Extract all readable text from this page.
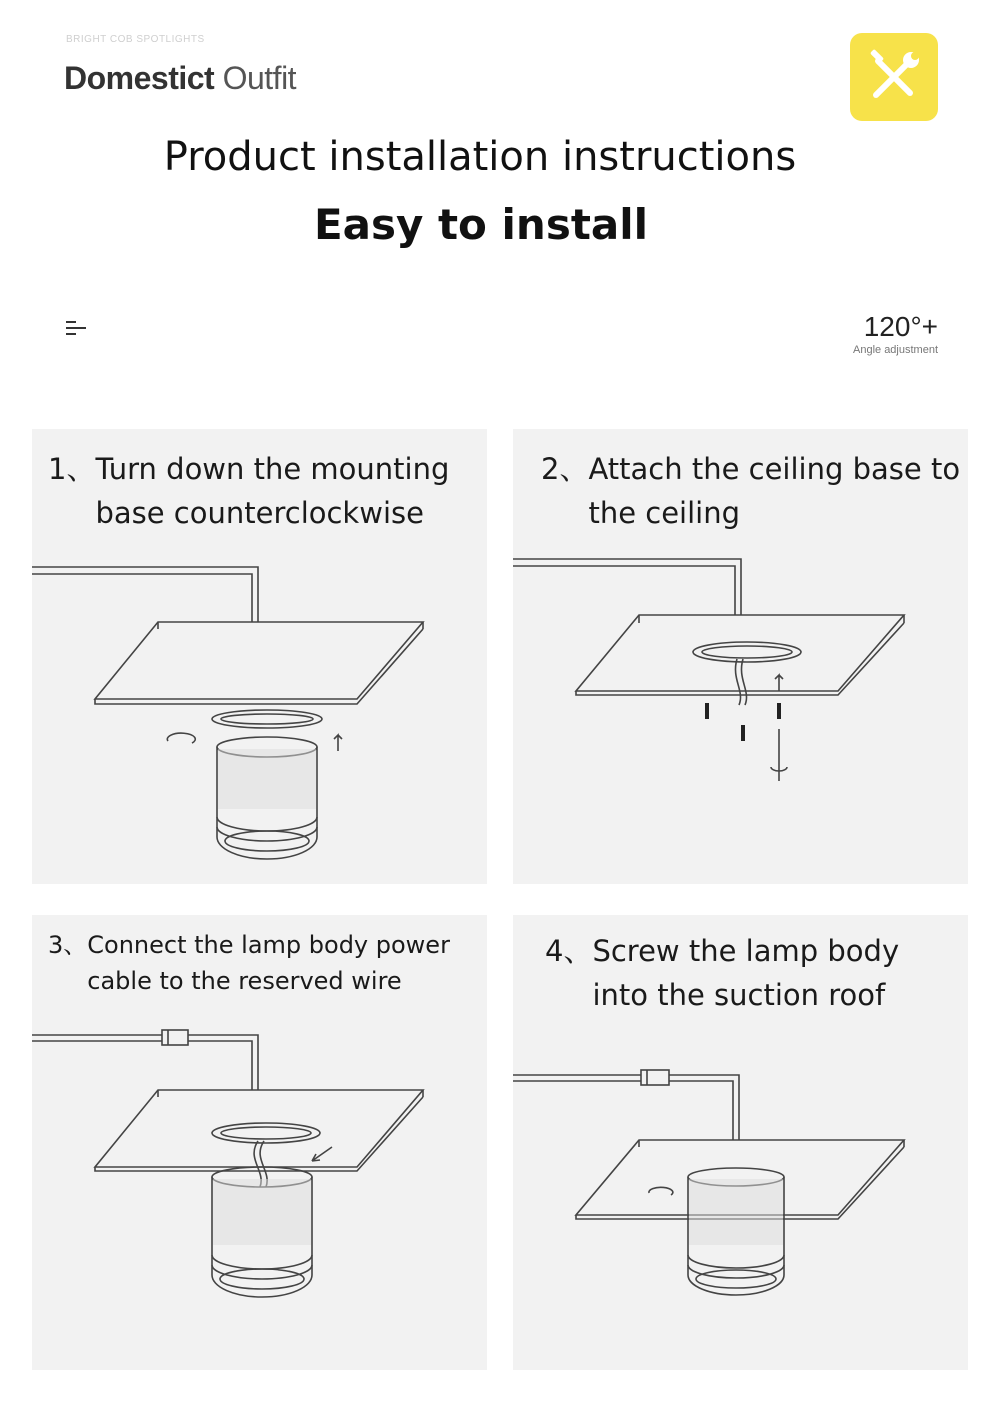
BRIGHT COB SPOTLIGHTS
Domestict Outfit
Product installation instructions
Easy to install
120°+
Angle adjustment
1、 Turn down the mounting base counterclockwise
2、 Attach the ceiling base to the ceiling
3、 Connect the lamp body power cable to the reserved wire
4、 Screw the lamp body into the suction roof
